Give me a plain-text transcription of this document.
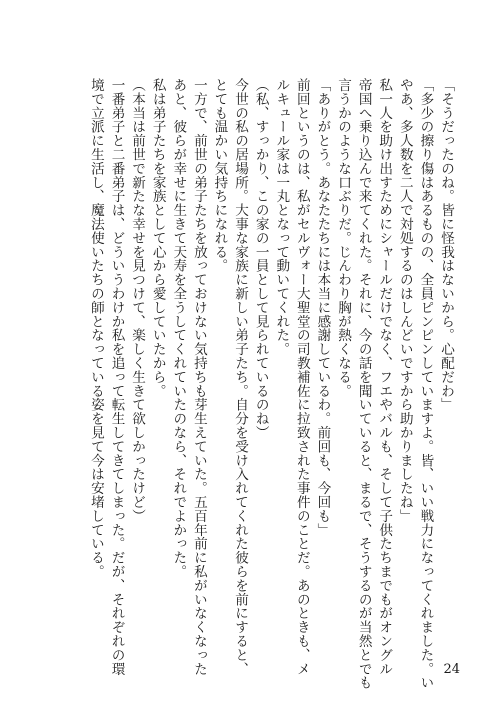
「そうだったのね。皆に怪我はないから。心配だわ」
「多少の擦り傷はあるものの、全員ピンピンしていますよ。皆、いい戦力になってくれました。い
やあ、多人数を二人で対処するのはしんどいですから助かりましたね」
私一人を助け出すためにシャールだけでなく、フエやバルも、そして子供たちまでもがオングル
帝国へ乗り込んで来てくれた。それに、今の話を聞いていると、まるで、そうするのが当然とでも
言うかのような口ぶりだ。じんわり胸が熱くなる。
「ありがとう。あなたたちには本当に感謝しているわ。前回も、今回も」
前回というのは、私がセルヴォー大聖堂の司教補佐に拉致された事件のことだ。あのときも、メ
ルキュール家は一丸となって動いてくれた。
（私、すっかり、この家の一員として見られているのね）
今世の私の居場所。大事な家族に新しい弟子たち。自分を受け入れてくれた彼らを前にすると、
とても温かい気持ちになれる。
一方で、前世の弟子たちを放っておけない気持ちも芽生えていた。五百年前に私がいなくなった
あと、彼らが幸せに生きて天寿を全うしてくれていたのなら、それでよかった。
私は弟子たちを家族として心から愛していたから。
（本当は前世で新たな幸せを見つけて、楽しく生きて欲しかったけど）
一番弟子と二番弟子は、どういうわけか私を追って転生してきてしまった。だが、それぞれの環
境で立派に生活し、魔法使いたちの師となっている姿を見て今は安堵している。
24
